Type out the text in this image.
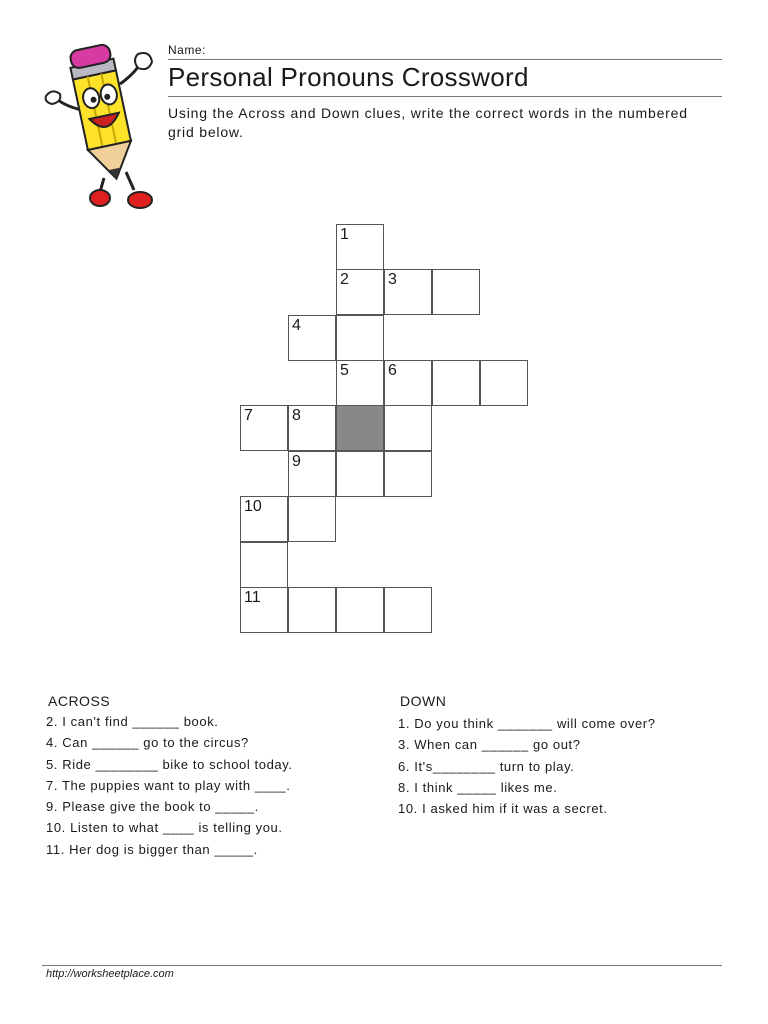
Name:
Personal Pronouns Crossword
Using the Across and Down clues, write the correct words in the numbered grid below.
1
2 3
4
5 6
7 8
9
10
11
ACROSS
2. I can't find ______ book.
4. Can ______ go to the circus?
5. Ride ________ bike to school today.
7. The puppies want to play with ____.
9. Please give the book to _____.
10. Listen to what ____ is telling you.
11. Her dog is bigger than _____.
DOWN
1. Do you think _______ will come over?
3. When can ______ go out?
6. It's________ turn to play.
8. I think _____ likes me.
10. I asked him if it was a secret.
http://worksheetplace.com
